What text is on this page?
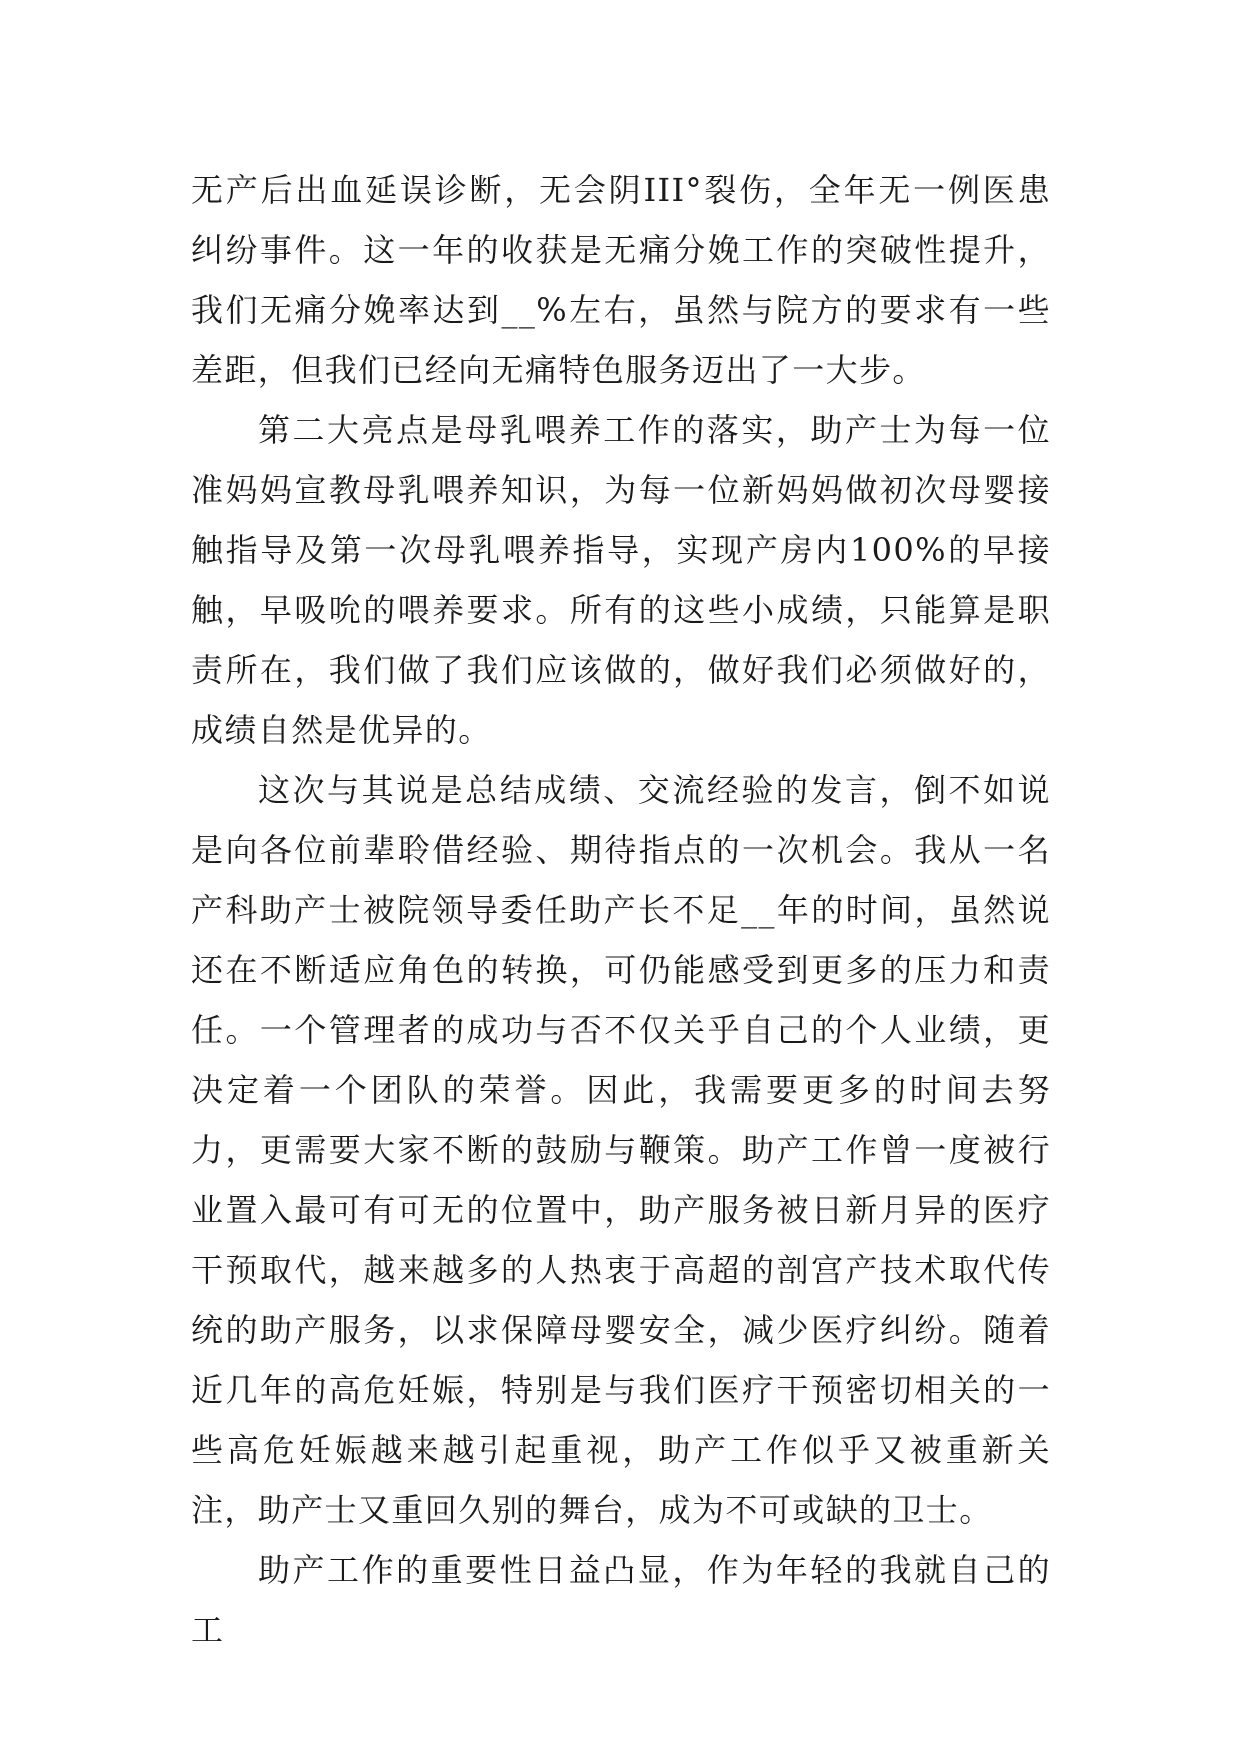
无产后出血延误诊断，无会阴III°裂伤，全年无一例医患纠纷事件。这一年的收获是无痛分娩工作的突破性提升，我们无痛分娩率达到__%左右，虽然与院方的要求有一些差距，但我们已经向无痛特色服务迈出了一大步。

第二大亮点是母乳喂养工作的落实，助产士为每一位准妈妈宣教母乳喂养知识，为每一位新妈妈做初次母婴接触指导及第一次母乳喂养指导，实现产房内100%的早接触，早吸吮的喂养要求。所有的这些小成绩，只能算是职责所在，我们做了我们应该做的，做好我们必须做好的，成绩自然是优异的。

这次与其说是总结成绩、交流经验的发言，倒不如说是向各位前辈聆借经验、期待指点的一次机会。我从一名产科助产士被院领导委任助产长不足__年的时间，虽然说还在不断适应角色的转换，可仍能感受到更多的压力和责任。一个管理者的成功与否不仅关乎自己的个人业绩，更决定着一个团队的荣誉。因此，我需要更多的时间去努力，更需要大家不断的鼓励与鞭策。助产工作曾一度被行业置入最可有可无的位置中，助产服务被日新月异的医疗干预取代，越来越多的人热衷于高超的剖宫产技术取代传统的助产服务，以求保障母婴安全，减少医疗纠纷。随着近几年的高危妊娠，特别是与我们医疗干预密切相关的一些高危妊娠越来越引起重视，助产工作似乎又被重新关注，助产士又重回久别的舞台，成为不可或缺的卫士。

助产工作的重要性日益凸显，作为年轻的我就自己的工
